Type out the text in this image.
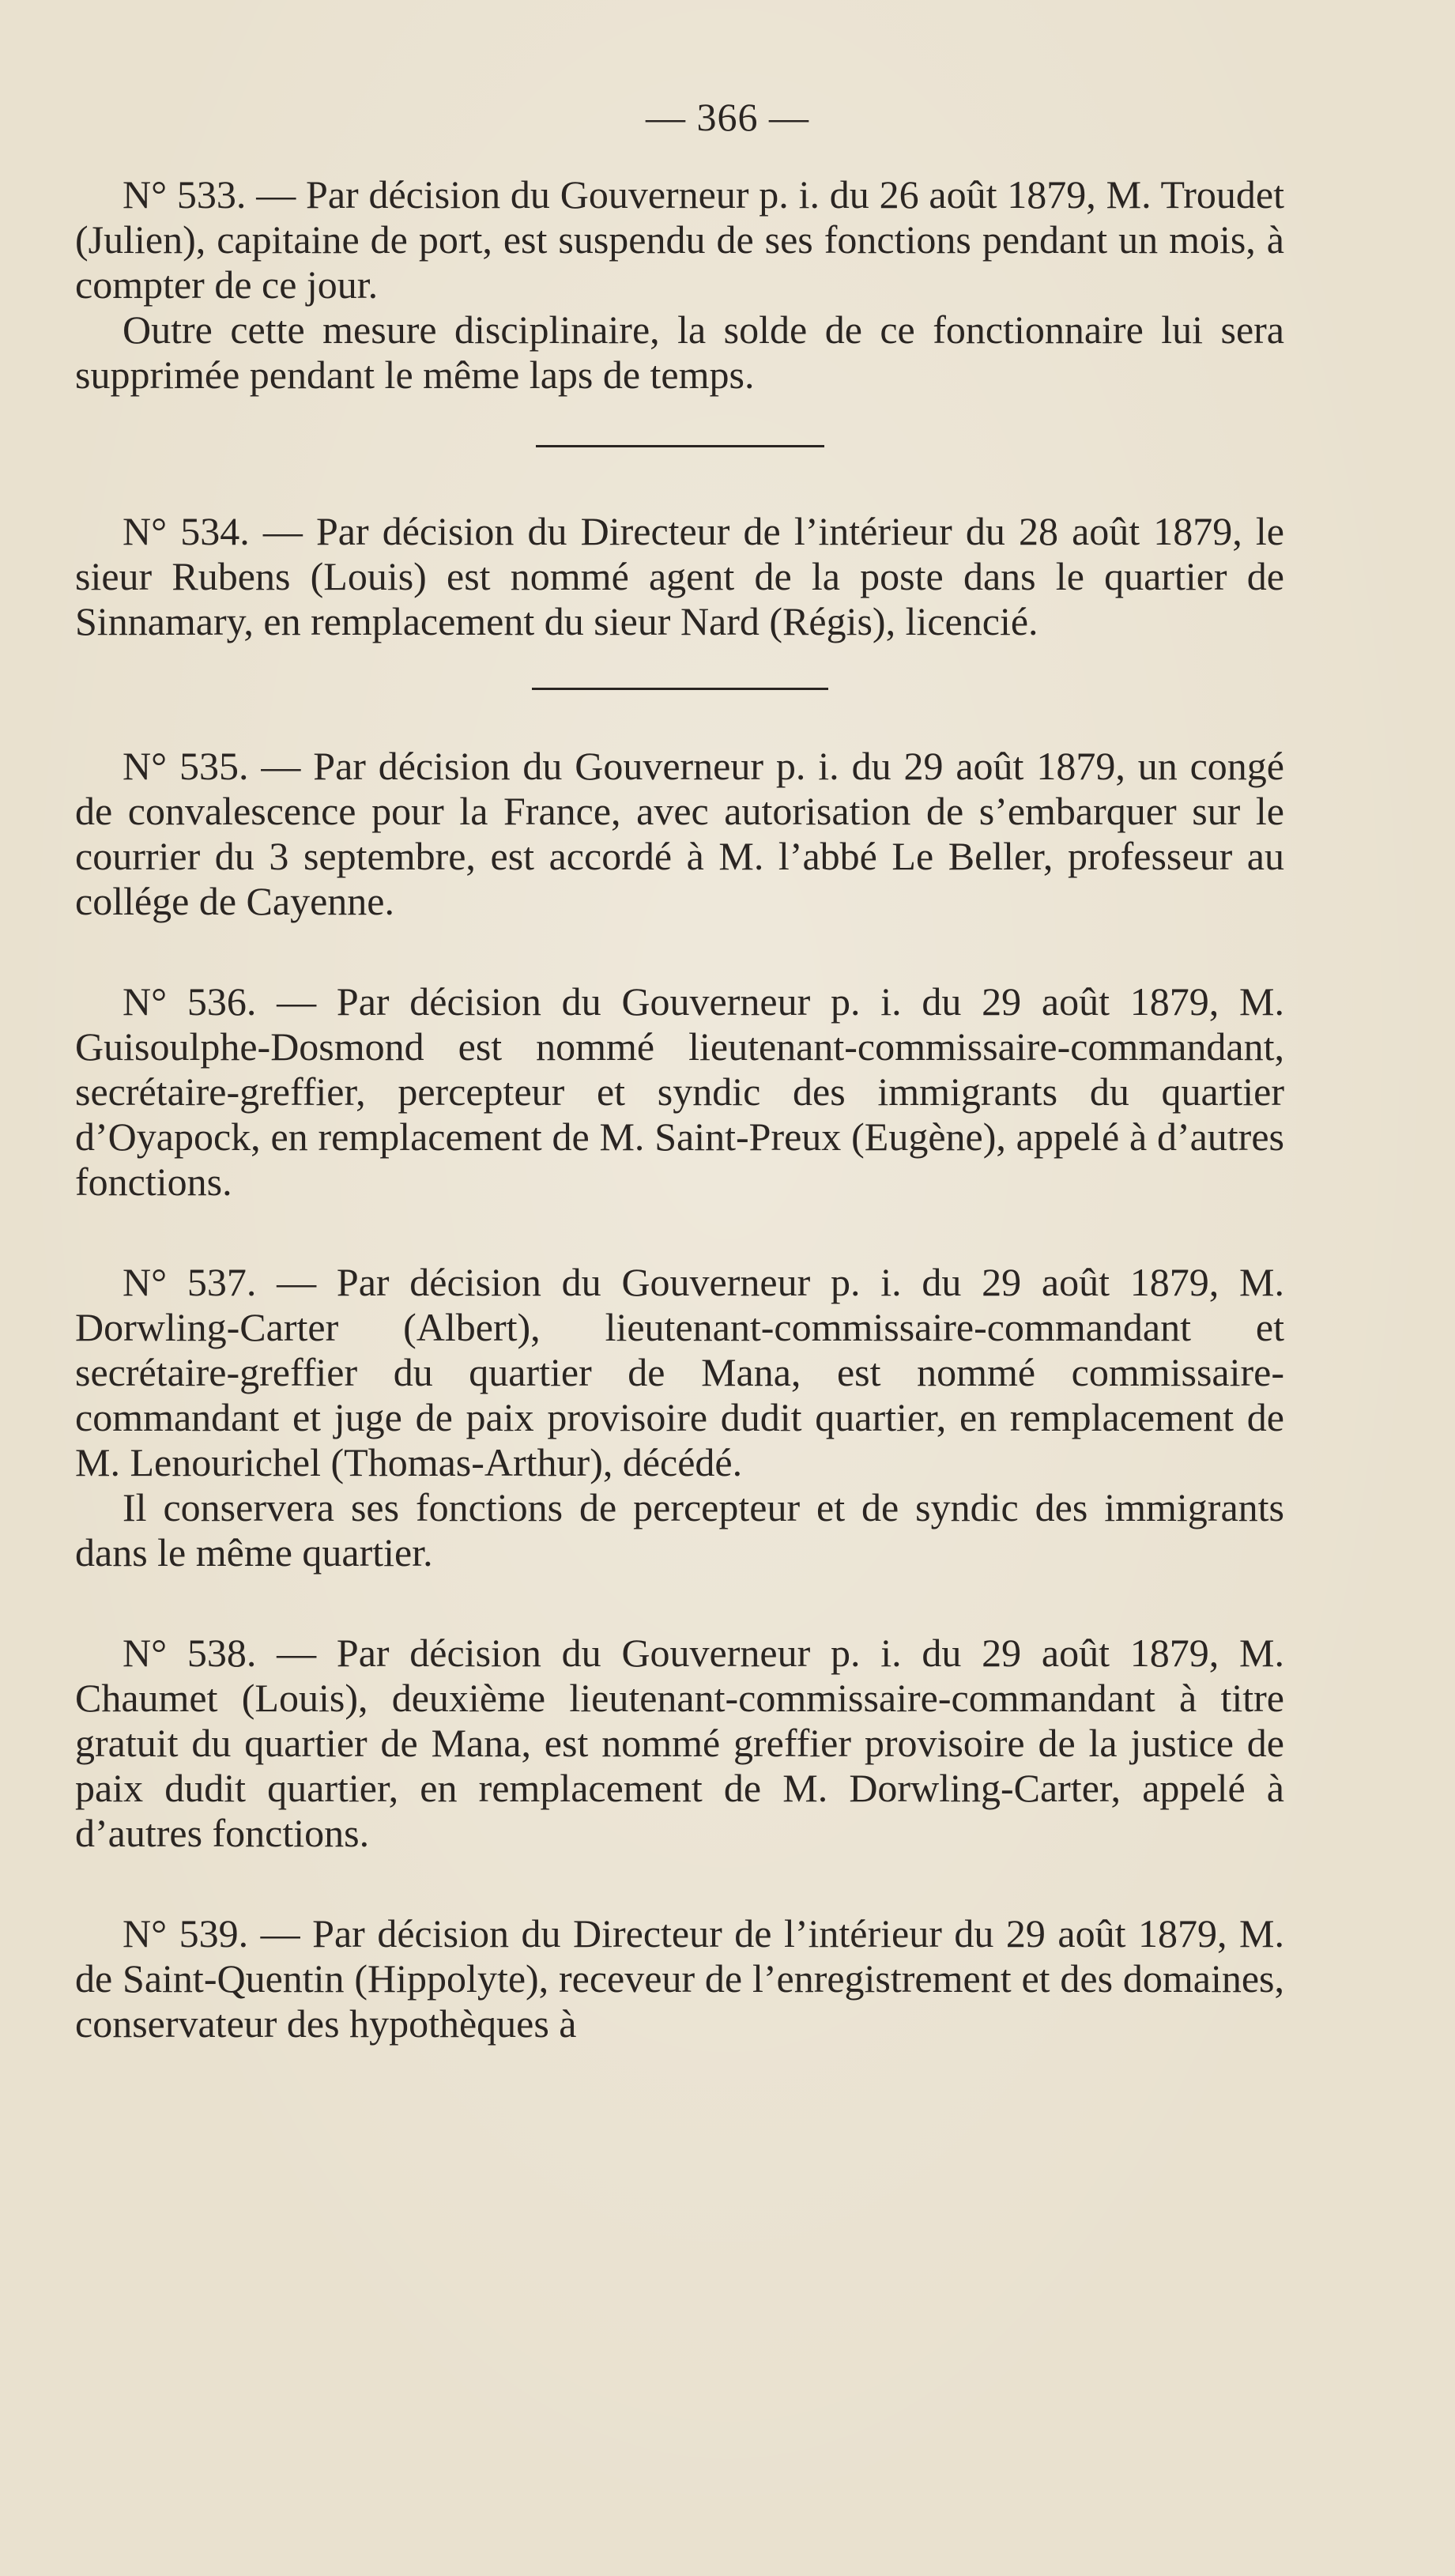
— 366 —

N° 533. — Par décision du Gouverneur p. i. du 26 août 1879, M. Troudet (Julien), capitaine de port, est suspendu de ses fonctions pendant un mois, à compter de ce jour.

Outre cette mesure disciplinaire, la solde de ce fonctionnaire lui sera supprimée pendant le même laps de temps.

N° 534. — Par décision du Directeur de l’intérieur du 28 août 1879, le sieur Rubens (Louis) est nommé agent de la poste dans le quartier de Sinnamary, en remplacement du sieur Nard (Régis), licencié.

N° 535. — Par décision du Gouverneur p. i. du 29 août 1879, un congé de convalescence pour la France, avec autorisation de s’embarquer sur le courrier du 3 septembre, est accordé à M. l’abbé Le Beller, professeur au collége de Cayenne.

N° 536. — Par décision du Gouverneur p. i. du 29 août 1879, M. Guisoulphe-Dosmond est nommé lieutenant-commissaire-commandant, secrétaire-greffier, percepteur et syndic des immigrants du quartier d’Oyapock, en remplacement de M. Saint-Preux (Eugène), appelé à d’autres fonctions.

N° 537. — Par décision du Gouverneur p. i. du 29 août 1879, M. Dorwling-Carter (Albert), lieutenant-commissaire-commandant et secrétaire-greffier du quartier de Mana, est nommé commissaire-commandant et juge de paix provisoire dudit quartier, en remplacement de M. Lenourichel (Thomas-Arthur), décédé.

Il conservera ses fonctions de percepteur et de syndic des immigrants dans le même quartier.

N° 538. — Par décision du Gouverneur p. i. du 29 août 1879, M. Chaumet (Louis), deuxième lieutenant-commissaire-commandant à titre gratuit du quartier de Mana, est nommé greffier provisoire de la justice de paix dudit quartier, en remplacement de M. Dorwling-Carter, appelé à d’autres fonctions.

N° 539. — Par décision du Directeur de l’intérieur du 29 août 1879, M. de Saint-Quentin (Hippolyte), receveur de l’enregistrement et des domaines, conservateur des hypothèques à
